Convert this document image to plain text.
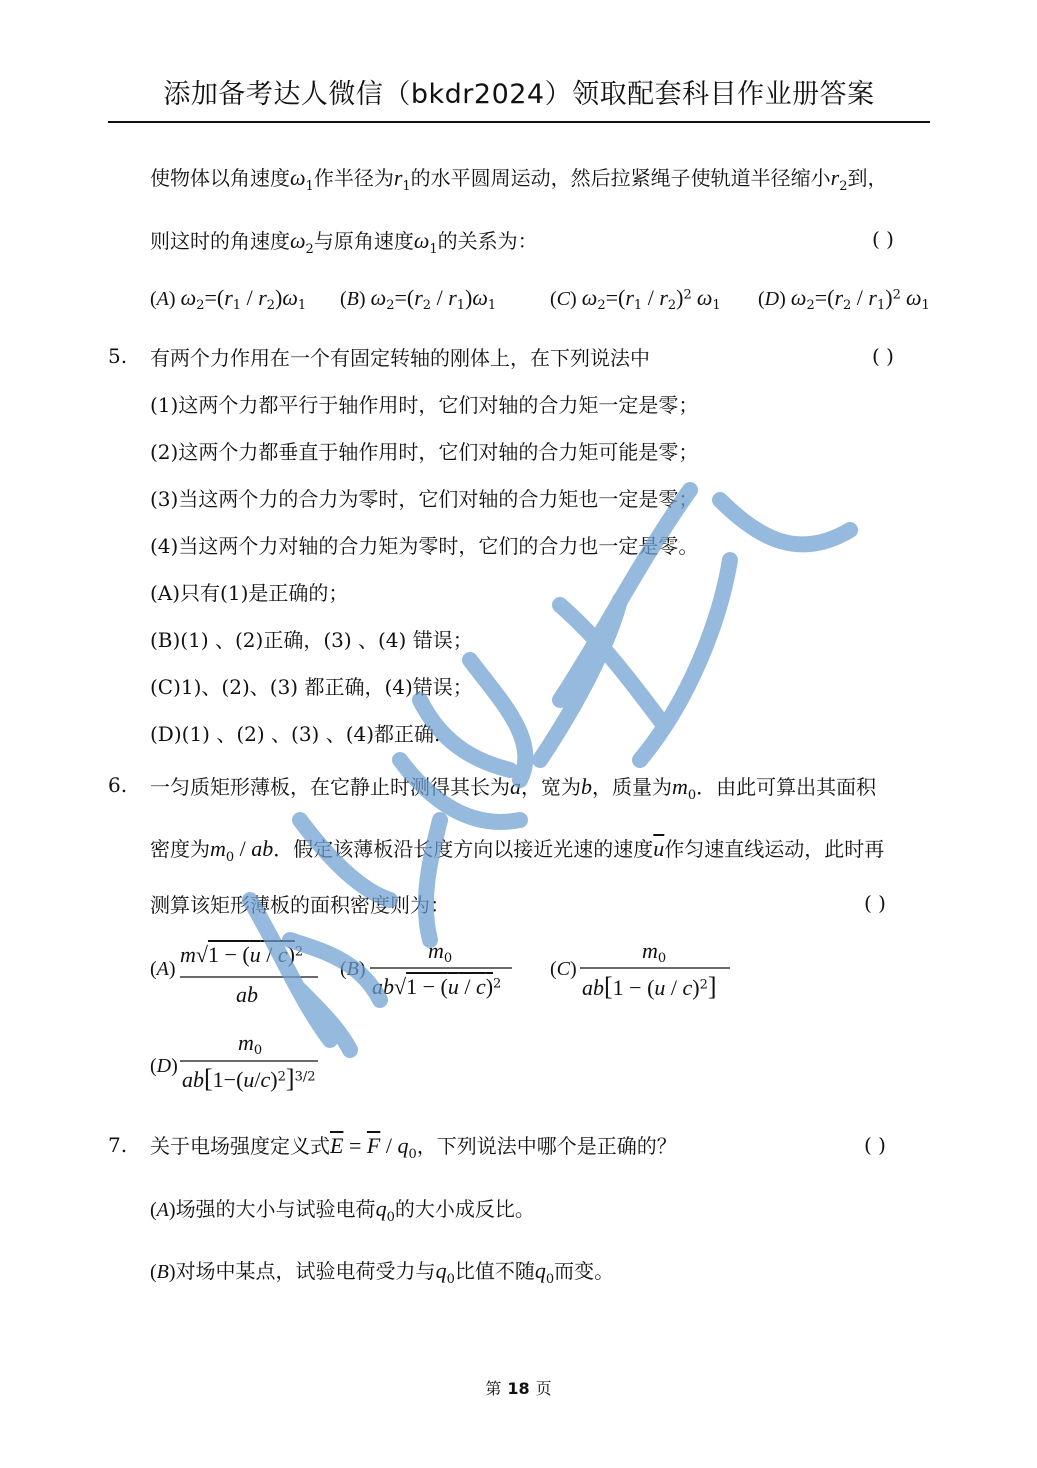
添加备考达人微信（bkdr2024）领取配套科目作业册答案
使物体以角速度$\omega_1$作半径为$r_1$的水平圆周运动，然后拉紧绳子使轨道半径缩小$r_2$到，
则这时的角速度$\omega_2$与原角速度$\omega_1$的关系为：	( )
(A) $\omega_2=(r_1 / r_2)\omega_1$ (B) $\omega_2=(r_2 / r_1)\omega_1$	(C) $\omega_2=(r_1 / r_2)^2$ $\omega_1$ (D) $\omega_2=(r_2 / r_1)^2$ $\omega_1$
5. 有两个力作用在一个有固定转轴的刚体上，在下列说法中	( )
(1)这两个力都平行于轴作用时，它们对轴的合力矩一定是零；
(2)这两个力都垂直于轴作用时，它们对轴的合力矩可能是零；
(3)当这两个力的合力为零时，它们对轴的合力矩也一定是零；
(4)当这两个力对轴的合力矩为零时，它们的合力也一定是零。
(A)只有(1)是正确的；
(B)(1) 、(2)正确，(3) 、(4) 错误；
(C)1)、(2)、(3) 都正确，(4)错误；
(D)(1) 、(2) 、(3) 、(4)都正确.
6. 一匀质矩形薄板，在它静止时测得其长为a，宽为b，质量为$m_0$．由此可算出其面积
密度为$m_0$ / ab．假定该薄板沿长度方向以接近光速的速度$\overline{u}$作匀速直线运动，此时再
测算该矩形薄板的面积密度则为：	( )
(A)
m√1 − (u / c)$^2$
ab
(B)
$m_0$
ab√1 − (u / c)$^2$
(C)
$m_0$
ab[1 − (u / c)$^2$]
(D)
$m_0$
$ab[1-(u/c)^2]^{3/2}$
7. 关于电场强度定义式$\overline{E} = \overline{F} / q_0$，下列说法中哪个是正确的？	( )
(A)场强的大小与试验电荷$q_0$的大小成反比。
(B)对场中某点，试验电荷受力与$q_0$比值不随$q_0$而变。
第 18 页
